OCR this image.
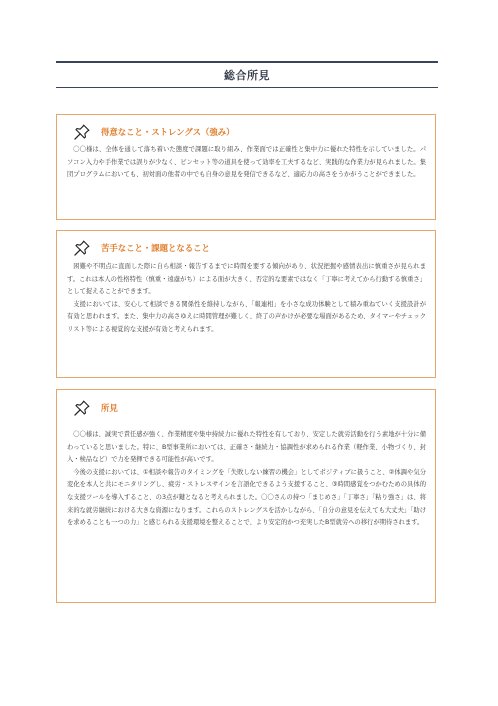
総合所見
得意なこと・ストレングス（強み）

〇〇様は、全体を通して落ち着いた態度で課題に取り組み、作業面では正確性と集中力に優れた特性を示していました。パソコン入力や手作業では誤りが少なく、ピンセット等の道具を使って効率を工夫するなど、実践的な作業力が見られました。集団プログラムにおいても、初対面の他者の中でも自身の意見を発信できるなど、適応力の高さをうかがうことができました。

苦手なこと・課題となること

困難や不明点に直面した際に自ら相談・報告するまでに時間を要する傾向があり、状況把握や感情表出に慎重さが見られます。これは本人の性格特性（慎重・遠慮がち）による面が大きく、否定的な要素ではなく「丁寧に考えてから行動する慎重さ」として捉えることができます。

支援においては、安心して相談できる関係性を維持しながら、「報連相」を小さな成功体験として積み重ねていく支援設計が有効と思われます。また、集中力の高さゆえに時間管理が難しく、終了の声かけが必要な場面があるため、タイマーやチェックリスト等による視覚的な支援が有効と考えられます。

所見

〇〇様は、誠実で責任感が強く、作業精度や集中持続力に優れた特性を有しており、安定した就労活動を行う素地が十分に備わっていると思いました。特に、B型事業所においては、正確さ・継続力・協調性が求められる作業（軽作業、小物づくり、封入・検品など）で力を発揮できる可能性が高いです。

今後の支援においては、①相談や報告のタイミングを「失敗しない練習の機会」としてポジティブに扱うこと、②体調や気分変化を本人と共にモニタリングし、疲労・ストレスサインを言語化できるよう支援すること、③時間感覚をつかむための具体的な支援ツールを導入すること、の3点が鍵となると考えられました。〇〇さんの持つ「まじめさ」「丁寧さ」「粘り強さ」は、将来的な就労継続における大きな資源になります。これらのストレングスを活かしながら、「自分の意見を伝えても大丈夫」「助けを求めることも一つの力」と感じられる支援環境を整えることで、より安定的かつ充実したB型就労への移行が期待されます。
